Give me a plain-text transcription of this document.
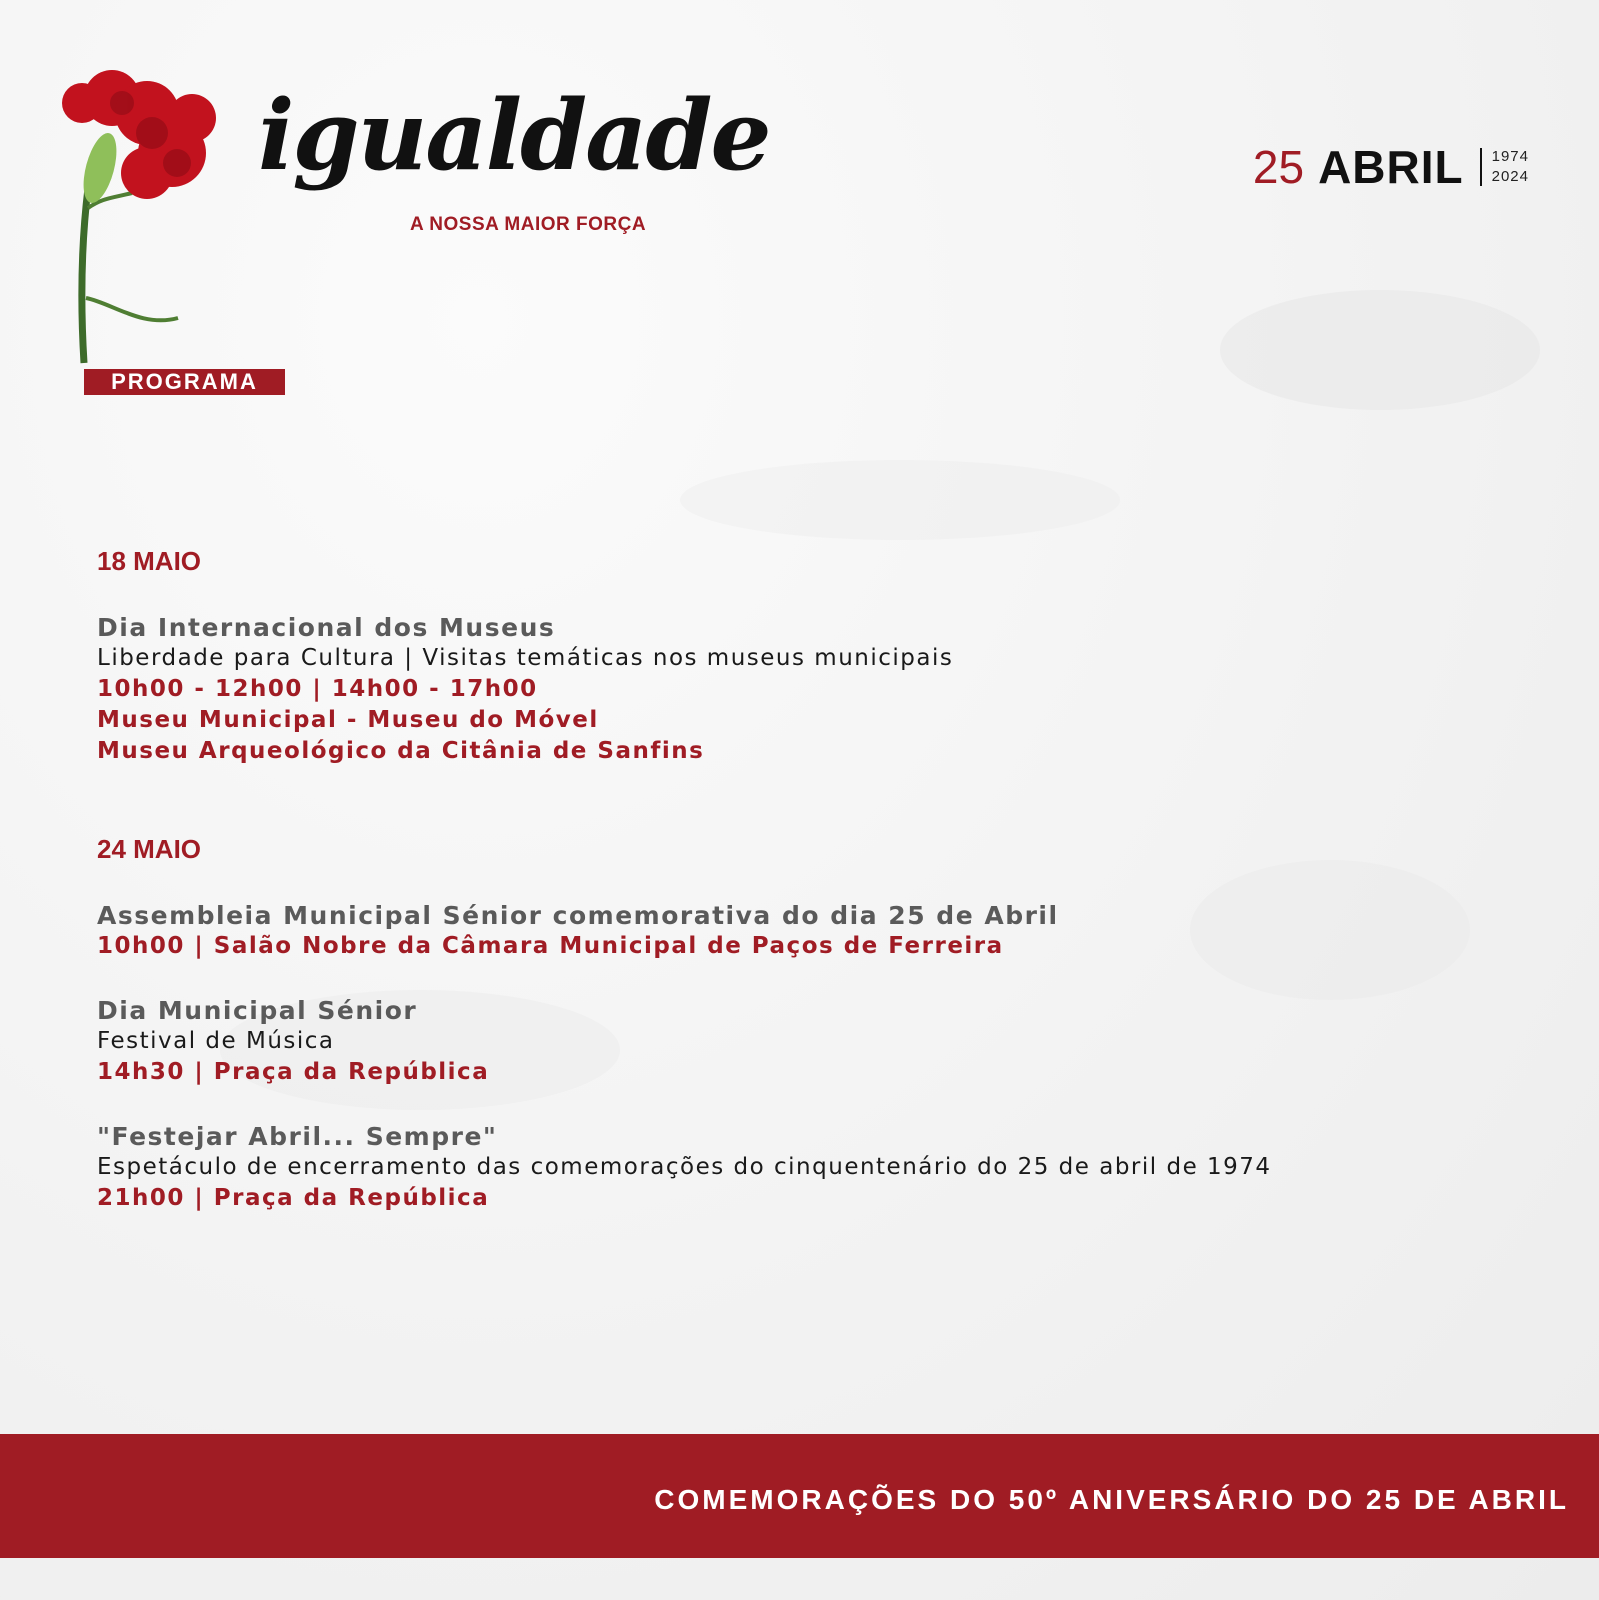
igualdade
A NOSSA MAIOR FORÇA
PROGRAMA
25 ABRIL 1974
2024
18 MAIO
Dia Internacional dos Museus
Liberdade para Cultura | Visitas temáticas nos museus municipais
10h00 - 12h00 | 14h00 - 17h00
Museu Municipal - Museu do Móvel
Museu Arqueológico da Citânia de Sanfins
24 MAIO
Assembleia Municipal Sénior comemorativa do dia 25 de Abril
10h00 | Salão Nobre da Câmara Municipal de Paços de Ferreira
Dia Municipal Sénior
Festival de Música
14h30 | Praça da República
"Festejar Abril... Sempre"
Espetáculo de encerramento das comemorações do cinquentenário do 25 de abril de 1974
21h00 | Praça da República
COMEMORAÇÕES DO 50º ANIVERSÁRIO DO 25 DE ABRIL
